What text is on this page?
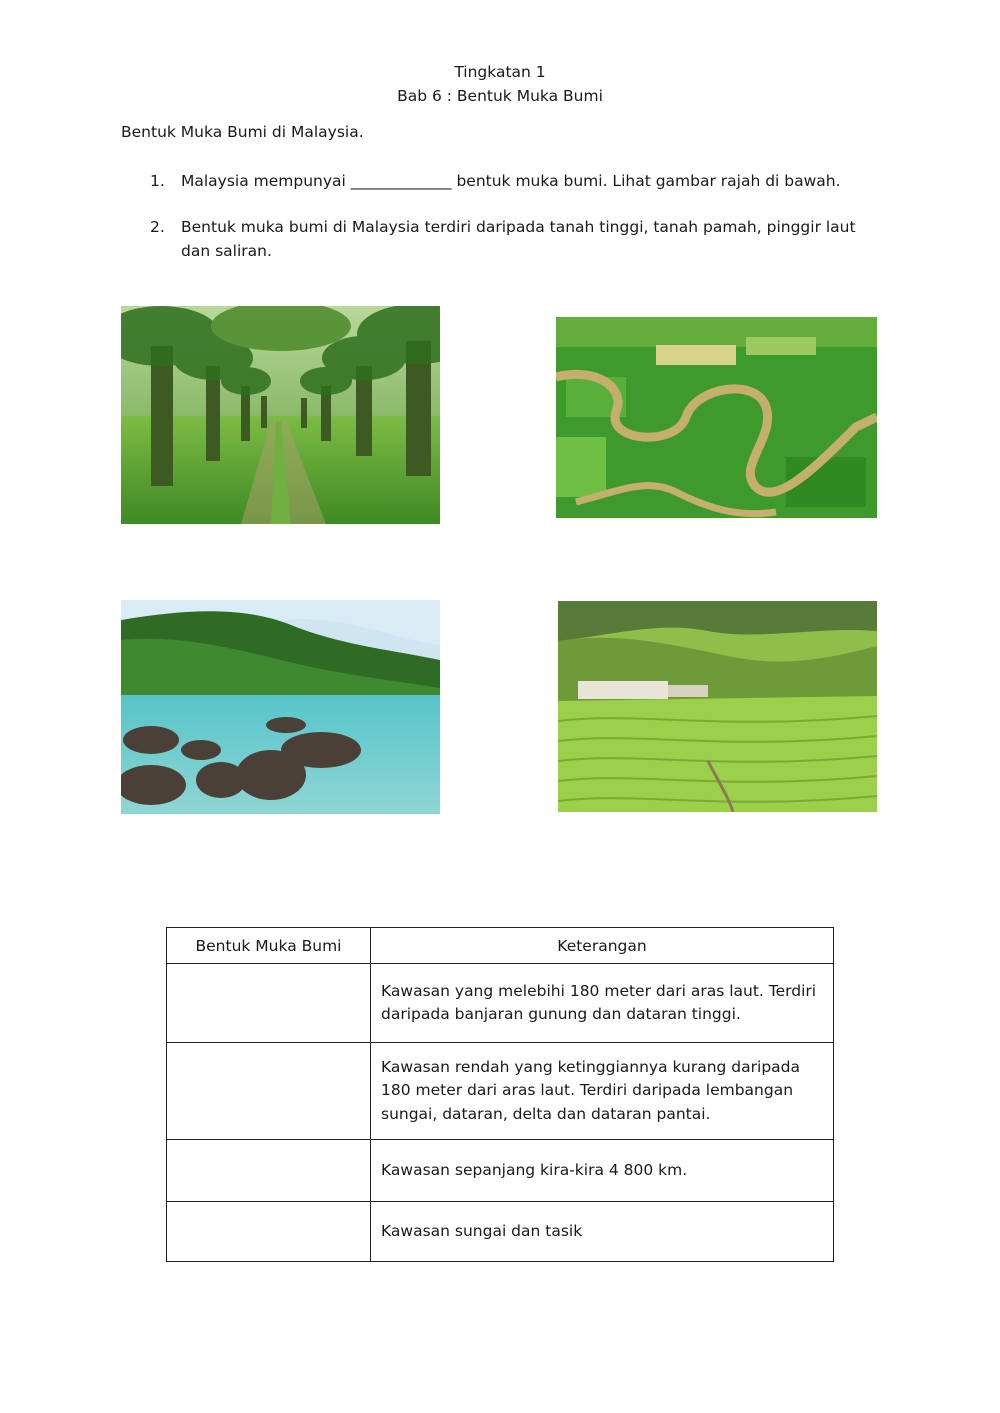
Tingkatan 1
Bab 6 : Bentuk Muka Bumi
Bentuk Muka Bumi di Malaysia.
1. Malaysia mempunyai _____________ bentuk muka bumi. Lihat gambar rajah di bawah.
2. Bentuk muka bumi di Malaysia terdiri daripada tanah tinggi, tanah pamah, pinggir laut dan saliran.
Bentuk Muka Bumi	Keterangan
	Kawasan yang melebihi 180 meter dari aras laut. Terdiri daripada banjaran gunung dan dataran tinggi.
	Kawasan rendah yang ketinggiannya kurang daripada 180 meter dari aras laut. Terdiri daripada lembangan sungai, dataran, delta dan dataran pantai.
	Kawasan sepanjang kira-kira 4 800 km.
	Kawasan sungai dan tasik
